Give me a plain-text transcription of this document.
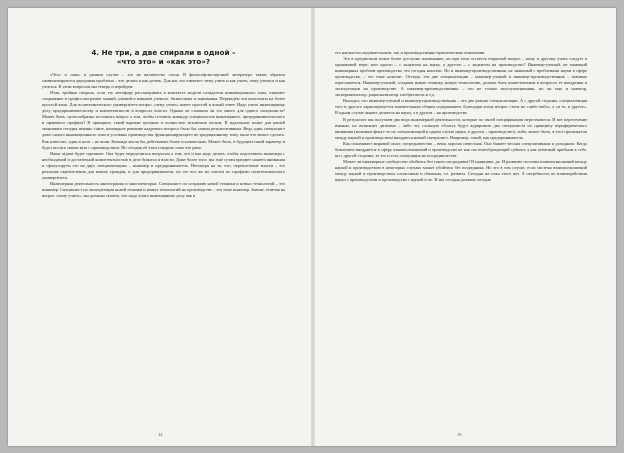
4. Не три, а две спирали в одной –
«что это» и «как это»?

«Что» и «как» в данном случае – это не наличество стиля. В философско-научной литературе таким образом символизируются двуединая проблема – что делать и как делать. Для нас это означает: чему учить и как учить, чему учиться и как учиться. К этим вопросам мы теперь и перейдем.

Итак, тройная спираль, если эту метафору рассматривать в контексте модели созидателя инновационного типа, означает соединение в профессиограмме знаний, умений и навыков ученого, бизнесмена и чиновника. Переведем эти константы на более простой язык. Для политехнического университета вопрос «чему учить» имеет простой и ясный ответ. Надо учить инженерному делу, предпринимательству и компетентности в вопросах власти. Однако не слишком ли это много для одного специалиста? Может быть, целесообразно поставить вопрос о том, чтобы готовить команду специалистов инженерного, предпринимательского и правового профиля? В принципе, такой вариант целиком и полностью исключать нельзя. В идеальном плане для нашей экономики сегодня именно такое, командное решение кадрового вопроса было бы самым результативным. Ведь один специалист даже самого инновационного типа в условиях производства, функционирующего по традиционному типу, мало что может сделать. Как известно, один в поле – не воин. Команда могла бы действовать более основательно. Может быть, в будущем такой характер и будет носить связка вуза с производством. Но сегодня об этом говорить пока что рано.

Наша задача будет скромнее. Она будет определяться вопросом о том, что и как надо делать, чтобы подготовить инженера с необходимой и достаточной компетентностью в деле бизнеса и власти. Даже более того: мы еще сузим предмет нашего внимания и сфокусируем его на двух специализациях – инженер и предприниматель. Несмотря на то, что, переплетение власти – это реальная переплетения для наших граждан, и для предпринимателя, но это все же не совсем по профилю политехнического университета.

Инженерная деятельность многогранна и многовекторна. Специалист по созданию новой техники и новых технологий – это инженер. Специалист по эксплуатации новой техники и новых технологий на производстве – это тоже инженер. Значит, отвечая на вопрос «чему учить», мы должны сказать, что надо учить инженерному делу как в

14

его научно-исследовательском, так и производственно-практическом отношении.

Это в предметном плане более доступно пониманию, но при этом остается открытый вопрос – кому и другому учить следует в одинаковой мере, или одного – с акцентом на науку, а другого – с акцентом на производство? Инженер-ученый, не знающий инженерных проблем производства, это сегодня нонсенс. Но и инженер-производственник, не знакомый с проблемами науки в сфере производства, – это тоже нонсенс. Отсюда, эти две специализации – инженер-ученый и инженер-производственник – взаимно пересекаются. Инженер-ученый, создавая новую технику, новую технологию, должен быть компетентным в вопросах ее внедрения и эксплуатации на производстве. А инженер-производственник – это не только эксплуатационник, но он еще и новатор, экспериментатор, рационализатор, изобретатель и т.д.

Выходит, что инженер-ученый и инженер-производственник – это две разные специализации. А с другой стороны, специализация того и другого характеризуется значительным общим содержанием. Благодаря этому вопрос стоит не «либо-либо», а «и то, и другое». В одном случае акцент делается на науку, а в другом – на производстве.

В результате мы получаем два вида инженерной деятельности, которые по своей спецификации пересекаются. И вот пересечение именно, но возникает дилемма – либо эту сложную область будут курировать два специалиста по принципу периферического внимания (вспышка-фокус-то их специализаций в одном случае наука, в другом – производство), либо, может быть, в этот промежуток между наукой и производством внедрится новый специалист. Например, такой, как предприниматель.

Как показывает мировой опыт, посредничество – вещь хорошо известная. Оно бывает весьма спекулятивным и доходным. Когда бизнесмен внедряется в сферу взаимоотношений и производства не как системообразующий субъект, а как агентный прибыли к себе, ни с другой стороны, то это и есть спекуляция на посредничестве.

Может ли инженерное сообщество обойтись без такого посредника? В принципе, да. И развитие системы взаимоотношений между наукой и производством в некоторых случаях может обойтись без посредника. Но это в том случае, если система взаимоотношений между наукой и производством согласована и обкатана, т.е. развита. Сегодня же пока этого нет. А потребность во взаимодействии науки с производством и производства с наукой есть. И мы сегодня должны сегодня

15
